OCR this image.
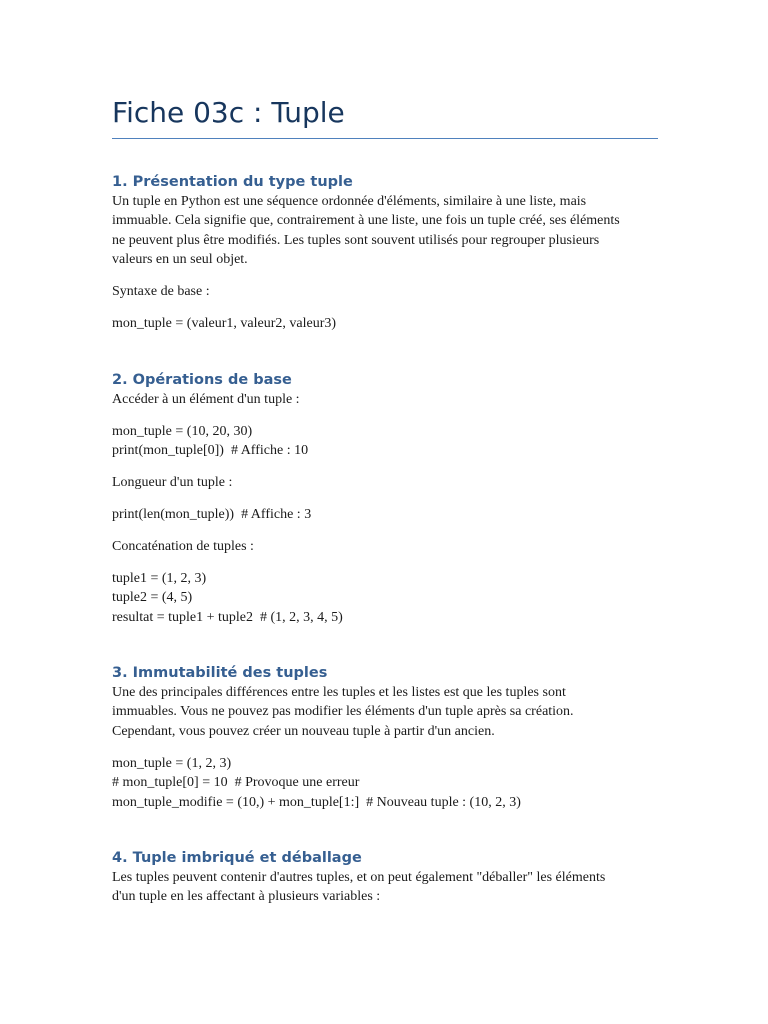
Fiche 03c : Tuple
1. Présentation du type tuple

Un tuple en Python est une séquence ordonnée d'éléments, similaire à une liste, mais
immuable. Cela signifie que, contrairement à une liste, une fois un tuple créé, ses éléments
ne peuvent plus être modifiés. Les tuples sont souvent utilisés pour regrouper plusieurs
valeurs en un seul objet.

Syntaxe de base :

mon_tuple = (valeur1, valeur2, valeur3)

2. Opérations de base

Accéder à un élément d'un tuple :

mon_tuple = (10, 20, 30)

print(mon_tuple[0])  # Affiche : 10

Longueur d'un tuple :

print(len(mon_tuple))  # Affiche : 3

Concaténation de tuples :

tuple1 = (1, 2, 3)

tuple2 = (4, 5)

resultat = tuple1 + tuple2  # (1, 2, 3, 4, 5)

3. Immutabilité des tuples

Une des principales différences entre les tuples et les listes est que les tuples sont
immuables. Vous ne pouvez pas modifier les éléments d'un tuple après sa création.
Cependant, vous pouvez créer un nouveau tuple à partir d'un ancien.

mon_tuple = (1, 2, 3)

# mon_tuple[0] = 10  # Provoque une erreur

mon_tuple_modifie = (10,) + mon_tuple[1:]  # Nouveau tuple : (10, 2, 3)

4. Tuple imbriqué et déballage

Les tuples peuvent contenir d'autres tuples, et on peut également "déballer" les éléments
d'un tuple en les affectant à plusieurs variables :
